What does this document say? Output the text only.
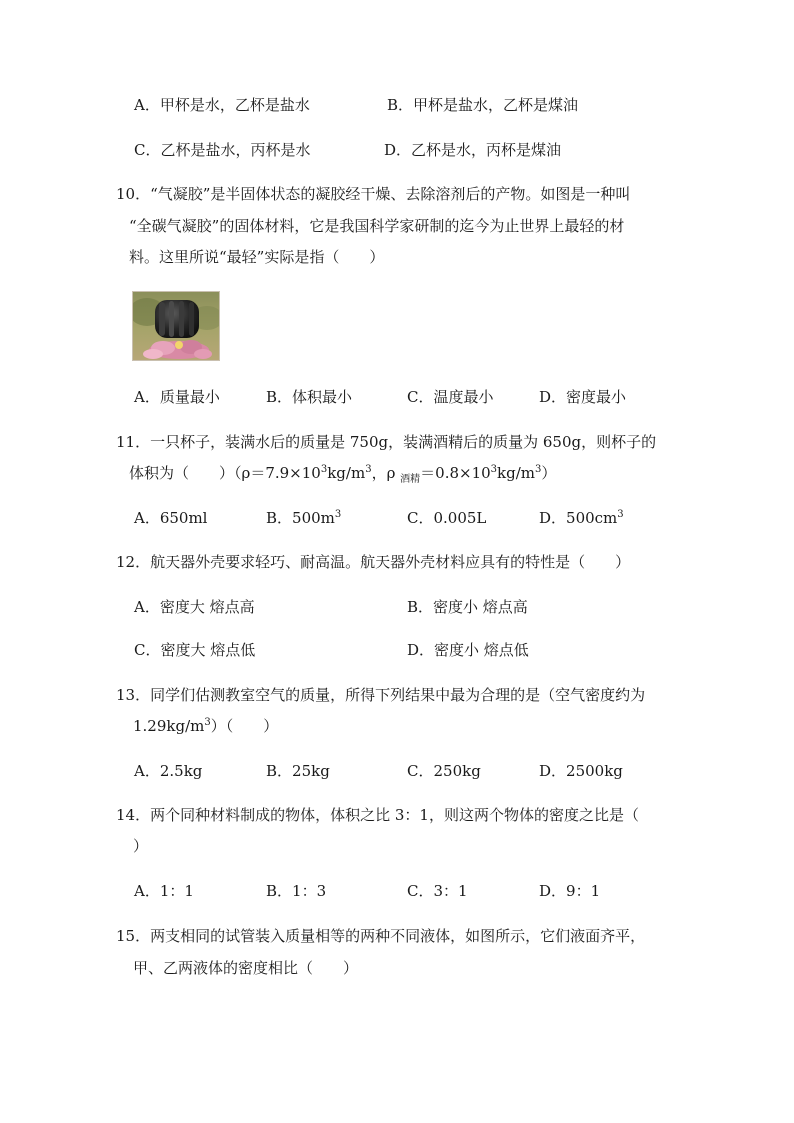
A．甲杯是水，乙杯是盐水	B．甲杯是盐水，乙杯是煤油
C．乙杯是盐水，丙杯是水	D．乙杯是水，丙杯是煤油
10．“气凝胶”是半固体状态的凝胶经干燥、去除溶剂后的产物。如图是一种叫
“全碳气凝胶”的固体材料，它是我国科学家研制的迄今为止世界上最轻的材
料。这里所说“最轻”实际是指（　　）
A．质量最小	B．体积最小	C．温度最小	D．密度最小
11．一只杯子，装满水后的质量是 750g，装满酒精后的质量为 650g，则杯子的
体积为（　　）（$\rho=7.9\times 10^3kg/m^3$，ρ $_{酒精}=0.8\times 10^3kg/m^3$）
A．650ml	B．$500m^3$	C．0.005L	D．$500cm^3$
12．航天器外壳要求轻巧、耐高温。航天器外壳材料应具有的特性是（　　）
A．密度大 熔点高	B．密度小 熔点高
C．密度大 熔点低	D．密度小 熔点低
13．同学们估测教室空气的质量，所得下列结果中最为合理的是（空气密度约为
$1.29kg/m^3$）（　　）
A．2.5kg	B．25kg	C．250kg	D．2500kg
14．两个同种材料制成的物体，体积之比 3：1，则这两个物体的密度之比是（
）
A．1：1	B．1：3	C．3：1	D．9：1
15．两支相同的试管装入质量相等的两种不同液体，如图所示，它们液面齐平，
甲、乙两液体的密度相比（　　）
